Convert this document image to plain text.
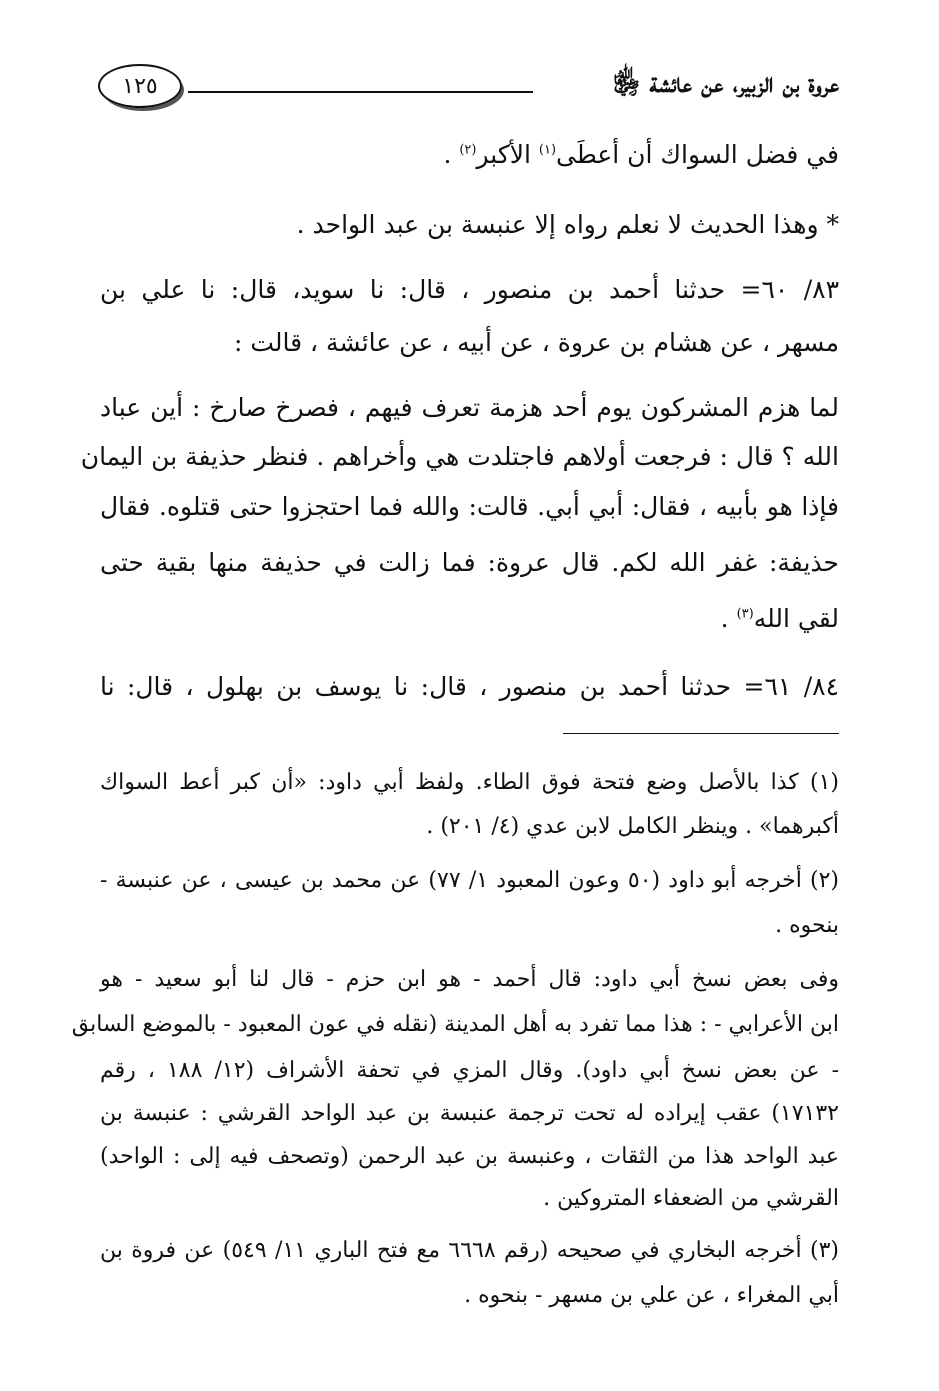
عروة بن الزبير، عن عائشة ﵂
١٢٥
في فضل السواك أن أعطَى$^{(١)}$ الأكبر$^{(٢)}$ .
* وهذا الحديث لا نعلم رواه إلا عنبسة بن عبد الواحد .
٨٣/ ٦٠= حدثنا أحمد بن منصور ، قال: نا سويد، قال: نا علي بن
مسهر ، عن هشام بن عروة ، عن أبيه ، عن عائشة ، قالت :
لما هزم المشركون يوم أحد هزمة تعرف فيهم ، فصرخ صارخ : أين عباد
الله ؟ قال : فرجعت أولاهم فاجتلدت هي وأخراهم . فنظر حذيفة بن اليمان
فإذا هو بأبيه ، فقال: أبي أبي. قالت: والله فما احتجزوا حتى قتلوه. فقال
حذيفة: غفر الله لكم. قال عروة: فما زالت في حذيفة منها بقية حتى
لقي الله$^{(٣)}$ .
٨٤/ ٦١= حدثنا أحمد بن منصور ، قال: نا يوسف بن بهلول ، قال: نا
(١) كذا بالأصل وضع فتحة فوق الطاء. ولفظ أبي داود: «أن كبر أعط السواك
أكبرهما» . وينظر الكامل لابن عدي (٤/ ٢٠١) .
(٢) أخرجه أبو داود (٥٠ وعون المعبود ١/ ٧٧) عن محمد بن عيسى ، عن عنبسة -
بنحوه .
وفى بعض نسخ أبي داود: قال أحمد - هو ابن حزم - قال لنا أبو سعيد - هو
ابن الأعرابي - : هذا مما تفرد به أهل المدينة (نقله في عون المعبود - بالموضع السابق
- عن بعض نسخ أبي داود). وقال المزي في تحفة الأشراف (١٢/ ١٨٨ ، رقم
١٧١٣٢) عقب إيراده له تحت ترجمة عنبسة بن عبد الواحد القرشي : عنبسة بن
عبد الواحد هذا من الثقات ، وعنبسة بن عبد الرحمن (وتصحف فيه إلى : الواحد)
القرشي من الضعفاء المتروكين .
(٣) أخرجه البخاري في صحيحه (رقم ٦٦٦٨ مع فتح الباري ١١/ ٥٤٩) عن فروة بن
أبي المغراء ، عن علي بن مسهر - بنحوه .
